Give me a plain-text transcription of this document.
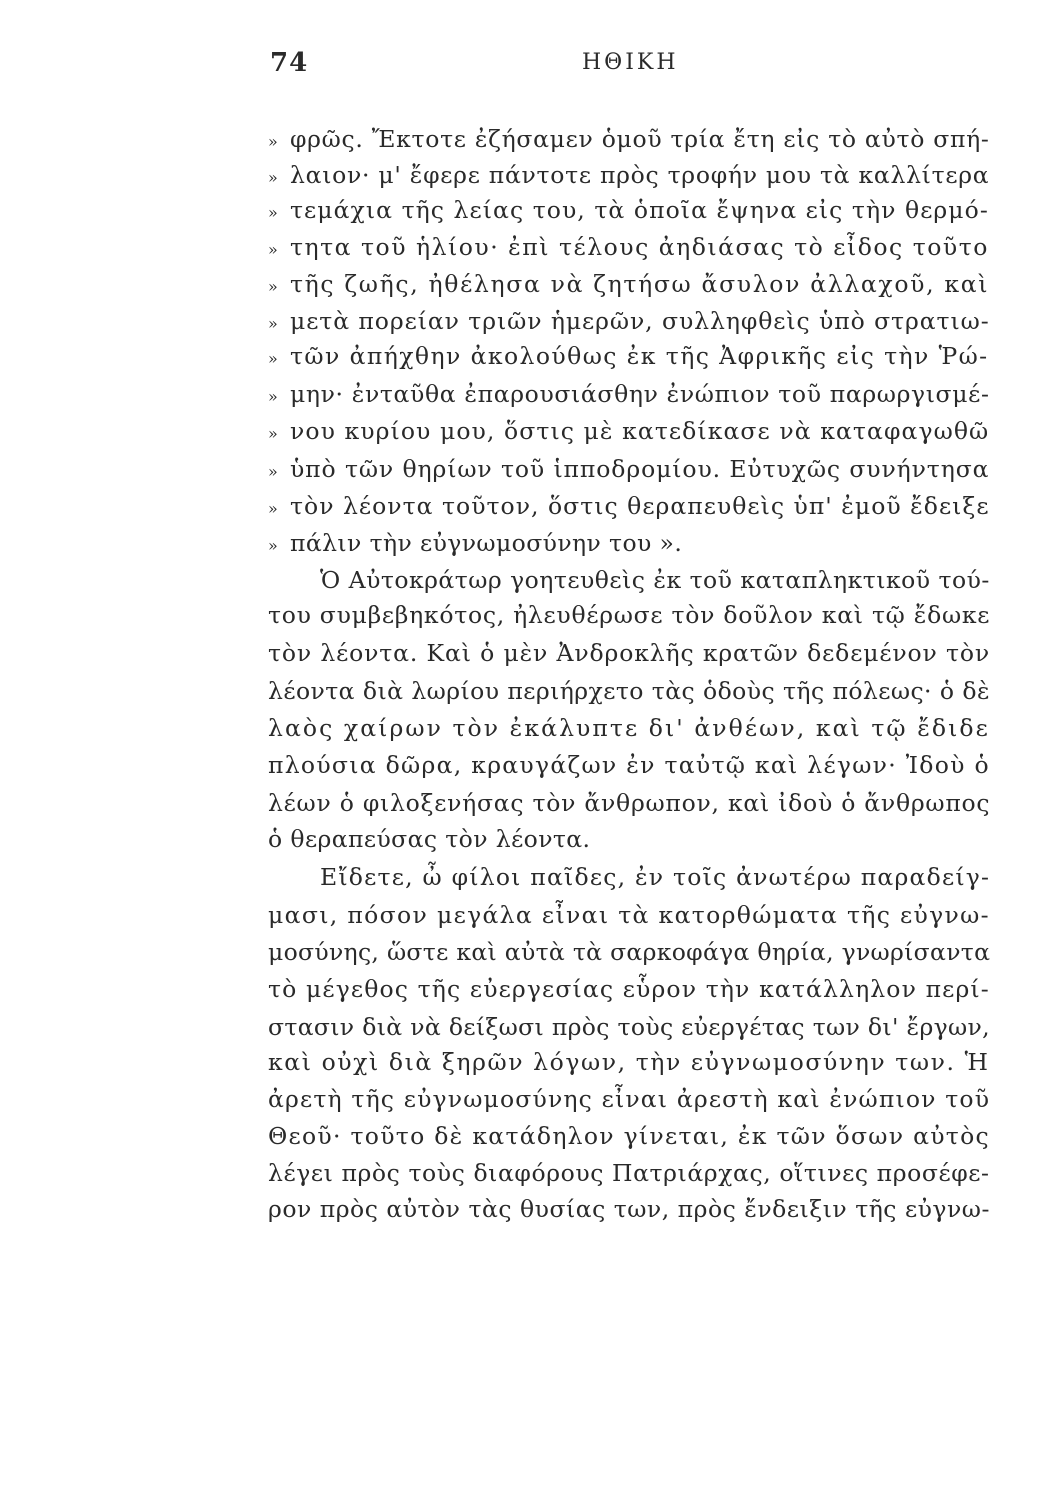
74	ΗΘΙΚΗ
» φρῶς. Ἔκτοτε ἐζήσαμεν ὁμοῦ τρία ἔτη εἰς τὸ αὐτὸ σπή-
» λαιον· μ' ἔφερε πάντοτε πρὸς τροφήν μου τὰ καλλίτερα
» τεμάχια τῆς λείας του, τὰ ὁποῖα ἔψηνα εἰς τὴν θερμό-
» τητα τοῦ ἡλίου· ἐπὶ τέλους ἀηδιάσας τὸ εἶδος τοῦτο
» τῆς ζωῆς, ἠθέλησα νὰ ζητήσω ἄσυλον ἀλλαχοῦ, καὶ
» μετὰ πορείαν τριῶν ἡμερῶν, συλληφθεὶς ὑπὸ στρατιω-
» τῶν ἀπήχθην ἀκολούθως ἐκ τῆς Ἀφρικῆς εἰς τὴν Ῥώ-
» μην· ἐνταῦθα ἐπαρουσιάσθην ἐνώπιον τοῦ παρωργισμέ-
» νου κυρίου μου, ὅστις μὲ κατεδίκασε νὰ καταφαγωθῶ
» ὑπὸ τῶν θηρίων τοῦ ἱπποδρομίου. Εὐτυχῶς συνήντησα
» τὸν λέοντα τοῦτον, ὅστις θεραπευθεὶς ὑπ' ἐμοῦ ἔδειξε
» πάλιν τὴν εὐγνωμοσύνην του ».
Ὁ Αὐτοκράτωρ γοητευθεὶς ἐκ τοῦ καταπληκτικοῦ τού-
του συμβεβηκότος, ἠλευθέρωσε τὸν δοῦλον καὶ τῷ ἔδωκε
τὸν λέοντα. Καὶ ὁ μὲν Ἀνδροκλῆς κρατῶν δεδεμένον τὸν
λέοντα διὰ λωρίου περιήρχετο τὰς ὁδοὺς τῆς πόλεως· ὁ δὲ
λαὸς χαίρων τὸν ἐκάλυπτε δι' ἀνθέων, καὶ τῷ ἔδιδε
πλούσια δῶρα, κραυγάζων ἐν ταὐτῷ καὶ λέγων· Ἰδοὺ ὁ
λέων ὁ φιλοξενήσας τὸν ἄνθρωπον, καὶ ἰδοὺ ὁ ἄνθρωπος
ὁ θεραπεύσας τὸν λέοντα.
Εἴδετε, ὦ φίλοι παῖδες, ἐν τοῖς ἀνωτέρω παραδείγ-
μασι, πόσον μεγάλα εἶναι τὰ κατορθώματα τῆς εὐγνω-
μοσύνης, ὥστε καὶ αὐτὰ τὰ σαρκοφάγα θηρία, γνωρίσαντα
τὸ μέγεθος τῆς εὐεργεσίας εὗρον τὴν κατάλληλον περί-
στασιν διὰ νὰ δείξωσι πρὸς τοὺς εὐεργέτας των δι' ἔργων,
καὶ οὐχὶ διὰ ξηρῶν λόγων, τὴν εὐγνωμοσύνην των. Ἡ
ἀρετὴ τῆς εὐγνωμοσύνης εἶναι ἀρεστὴ καὶ ἐνώπιον τοῦ
Θεοῦ· τοῦτο δὲ κατάδηλον γίνεται, ἐκ τῶν ὅσων αὐτὸς
λέγει πρὸς τοὺς διαφόρους Πατριάρχας, οἵτινες προσέφε-
ρον πρὸς αὐτὸν τὰς θυσίας των, πρὸς ἔνδειξιν τῆς εὐγνω-
